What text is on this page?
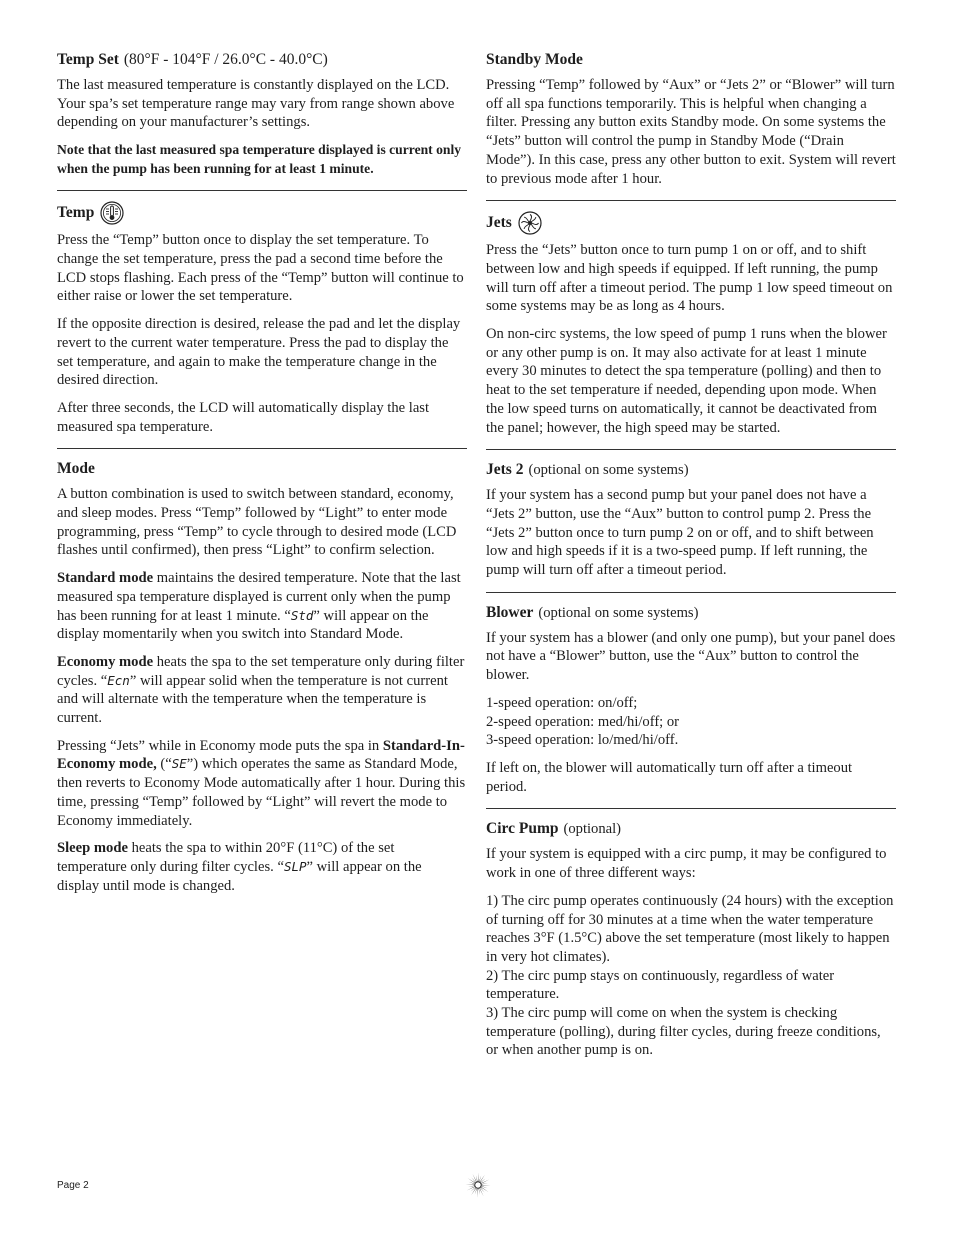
Temp Set (80°F - 104°F / 26.0°C - 40.0°C)

The last measured temperature is constantly displayed on the LCD. Your spa’s set temperature range may vary from range shown above depending on your manufacturer’s settings.

Note that the last measured spa temperature displayed is current only when the pump has been running for at least 1 minute.

Temp

Press the “Temp” button once to display the set temperature. To change the set temperature, press the pad a second time before the LCD stops flashing. Each press of the “Temp” button will continue to either raise or lower the set temperature.

If the opposite direction is desired, release the pad and let the display revert to the current water temperature. Press the pad to display the set temperature, and again to make the temperature change in the desired direction.

After three seconds, the LCD will automatically display the last measured spa temperature.

Mode

A button combination is used to switch between standard, economy, and sleep modes. Press “Temp” followed by “Light” to enter mode programming, press “Temp” to cycle through to desired mode (LCD flashes until confirmed), then press “Light” to confirm selection.

Standard mode maintains the desired temperature. Note that the last measured spa temperature displayed is current only when the pump has been running for at least 1 minute. “Std” will appear on the display momentarily when you switch into Standard Mode.

Economy mode heats the spa to the set temperature only during filter cycles. “Ecn” will appear solid when the temperature is not current and will alternate with the temperature when the temperature is current.

Pressing “Jets” while in Economy mode puts the spa in Standard-In-Economy mode, (“SE”) which operates the same as Standard Mode, then reverts to Economy Mode automatically after 1 hour. During this time, pressing “Temp” followed by “Light” will revert the mode to Economy immediately.

Sleep mode heats the spa to within 20°F (11°C) of the set temperature only during filter cycles. “SLP” will appear on the display until mode is changed.

Standby Mode

Pressing “Temp” followed by “Aux” or “Jets 2” or “Blower” will turn off all spa functions temporarily. This is helpful when changing a filter. Pressing any button exits Standby mode. On some systems the “Jets” button will control the pump in Standby Mode (“Drain Mode”). In this case, press any other button to exit. System will revert to previous mode after 1 hour.

Jets

Press the “Jets” button once to turn pump 1 on or off, and to shift between low and high speeds if equipped. If left running, the pump will turn off after a timeout period. The pump 1 low speed timeout on some systems may be as long as 4 hours.

On non-circ systems, the low speed of pump 1 runs when the blower or any other pump is on. It may also activate for at least 1 minute every 30 minutes to detect the spa temperature (polling) and then to heat to the set temperature if needed, depending upon mode. When the low speed turns on automatically, it cannot be deactivated from the panel; however, the high speed may be started.

Jets 2 (optional on some systems)

If your system has a second pump but your panel does not have a “Jets 2” button, use the “Aux” button to control pump 2. Press the “Jets 2” button once to turn pump 2 on or off, and to shift between low and high speeds if it is a two-speed pump. If left running, the pump will turn off after a timeout period.

Blower (optional on some systems)

If your system has a blower (and only one pump), but your panel does not have a “Blower” button, use the “Aux” button to control the blower.

1-speed operation: on/off;
2-speed operation: med/hi/off; or
3-speed operation: lo/med/hi/off.

If left on, the blower will automatically turn off after a timeout period.

Circ Pump (optional)

If your system is equipped with a circ pump, it may be configured to work in one of three different ways:

1) The circ pump operates continuously (24 hours) with the exception of turning off for 30 minutes at a time when the water temperature reaches 3°F (1.5°C) above the set temperature (most likely to happen in very hot climates).
2) The circ pump stays on continuously, regardless of water temperature.
3) The circ pump will come on when the system is checking temperature (polling), during filter cycles, during freeze conditions, or when another pump is on.
Page 2
